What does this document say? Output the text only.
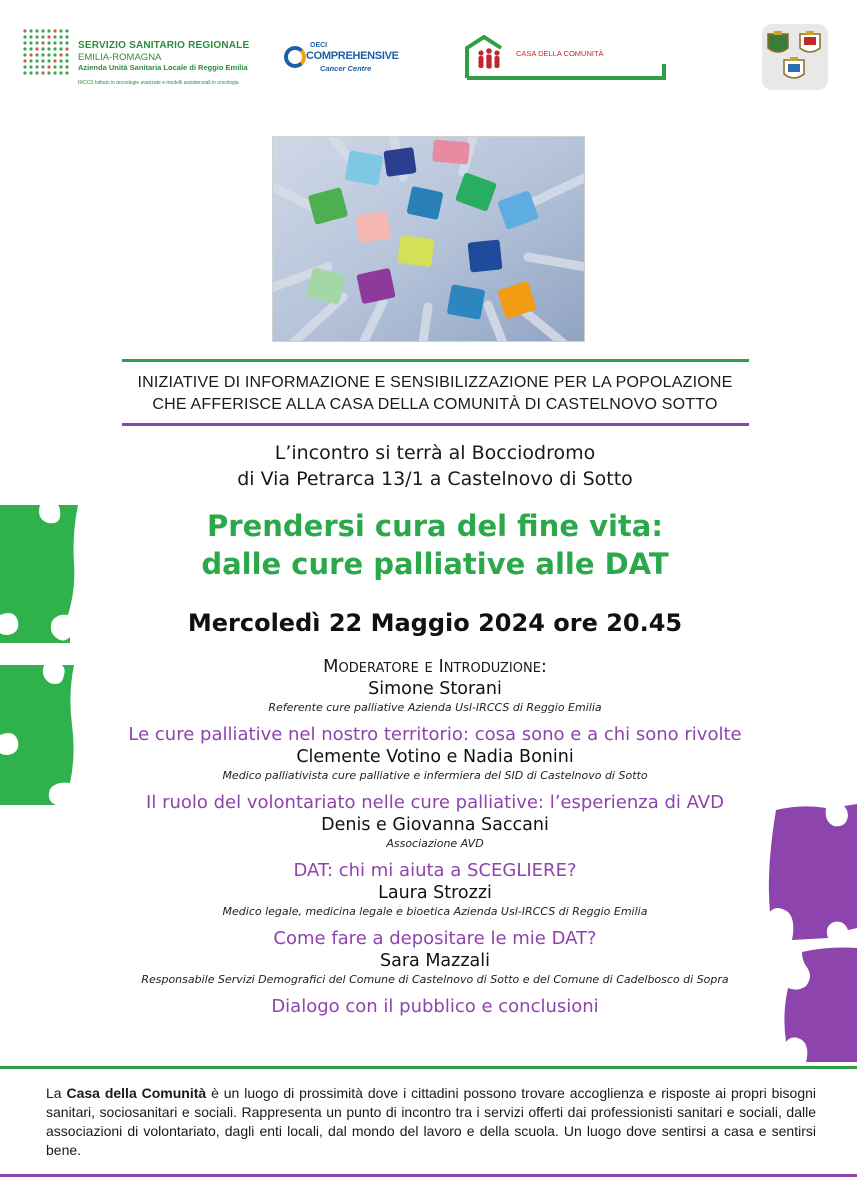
SERVIZIO SANITARIO REGIONALE
EMILIA-ROMAGNA
Azienda Unità Sanitaria Locale di Reggio Emilia
IRCCS Istituto in tecnologie avanzate e modelli assistenziali in oncologia
OECI
COMPREHENSIVE
Cancer Centre
CASA DELLA COMUNITÀ
INIZIATIVE DI INFORMAZIONE E SENSIBILIZZAZIONE PER LA POPOLAZIONE
CHE AFFERISCE ALLA CASA DELLA COMUNITÀ DI CASTELNOVO SOTTO
L’incontro si terrà al Bocciodromo
di Via Petrarca 13/1 a Castelnovo di Sotto
Prendersi cura del fine vita:
dalle cure palliative alle DAT
Mercoledì 22 Maggio 2024 ore 20.45
Moderatore e Introduzione:
Simone Storani
Referente cure palliative Azienda Usl-IRCCS di Reggio Emilia
Le cure palliative nel nostro territorio: cosa sono e a chi sono rivolte
Clemente Votino e Nadia Bonini
Medico palliativista cure palliative e infermiera del SID di Castelnovo di Sotto
Il ruolo del volontariato nelle cure palliative: l’esperienza di AVD
Denis e Giovanna Saccani
Associazione AVD
DAT: chi mi aiuta a SCEGLIERE?
Laura Strozzi
Medico legale, medicina legale e bioetica Azienda Usl-IRCCS di Reggio Emilia
Come fare a depositare le mie DAT?
Sara Mazzali
Responsabile Servizi Demografici del Comune di Castelnovo di Sotto e del Comune di Cadelbosco di Sopra
Dialogo con il pubblico e conclusioni
La Casa della Comunità è un luogo di prossimità dove i cittadini possono trovare accoglienza e risposte ai propri bisogni sanitari, sociosanitari e sociali. Rappresenta un punto di incontro tra i servizi offerti dai professionisti sanitari e sociali, dalle associazioni di volontariato, dagli enti locali, dal mondo del lavoro e della scuola. Un luogo dove sentirsi a casa e sentirsi bene.
